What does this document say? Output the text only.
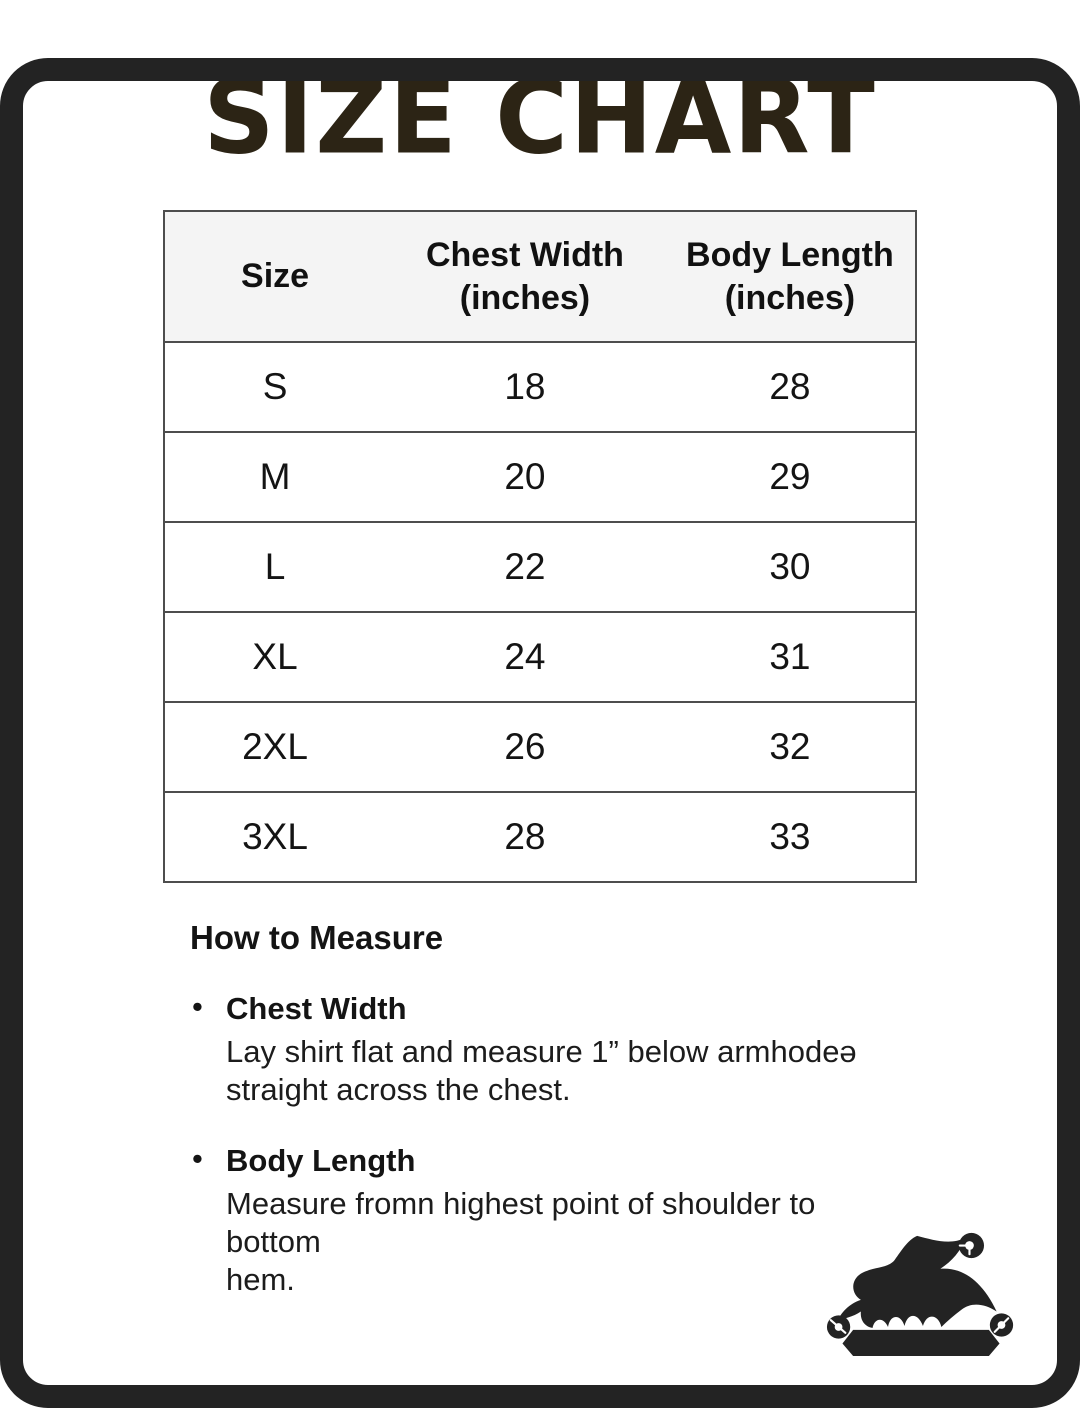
SIZE CHART
Size

Chest Width
(inches)

Body Length
(inches)

S	18	28
M	20	29
L	22	30
XL	24	31
2XL	26	32
3XL	28	33
How to Measure
• Chest Width
Lay shirt flat and measure 1” below armhodeə
straight across the chest.
• Body Length
Measure fromn highest point of shoulder to bottom
hem.
